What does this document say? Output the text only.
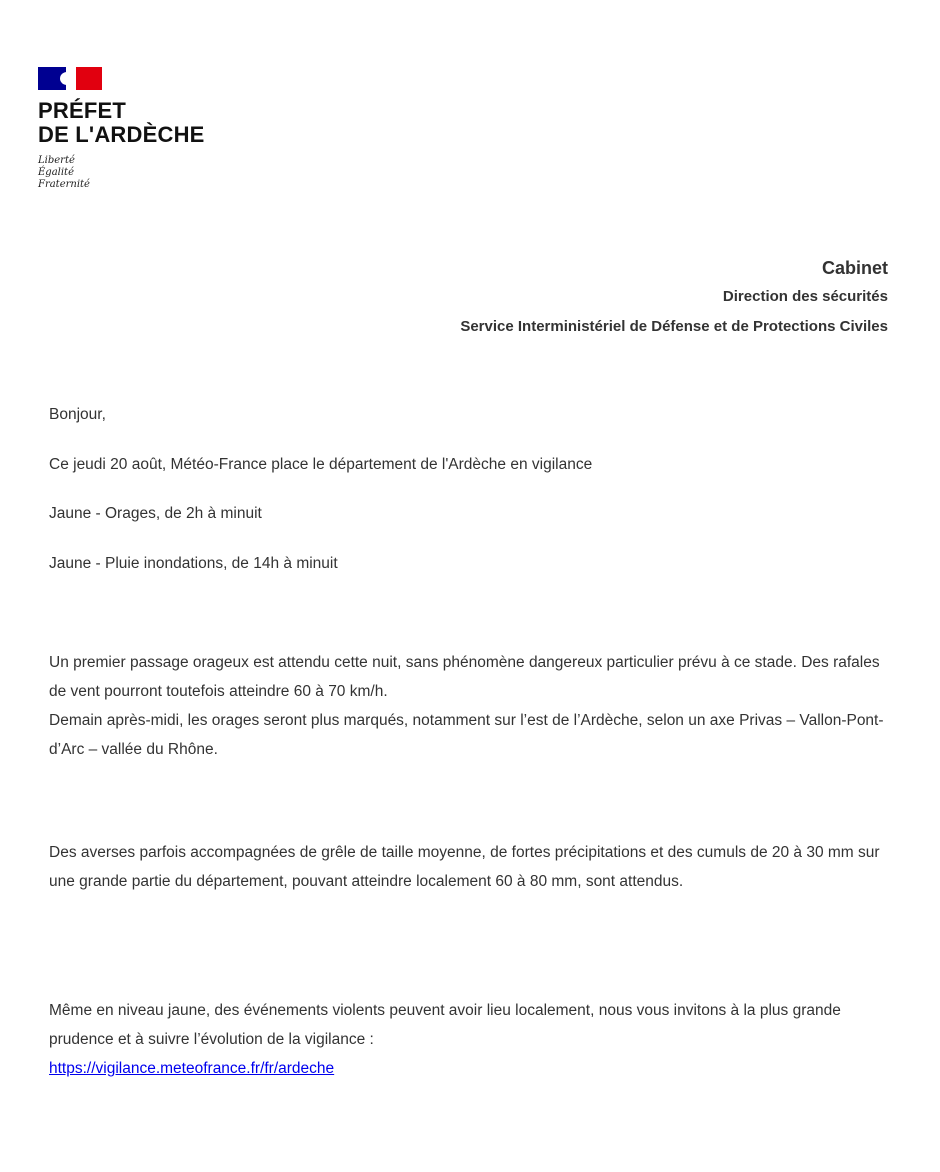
PRÉFET
DE L'ARDÈCHE
Liberté
Égalité
Fraternité
Cabinet
Direction des sécurités
Service Interministériel de Défense et de Protections Civiles
Bonjour,
Ce jeudi 20 août, Météo-France place le département de l'Ardèche en vigilance
Jaune - Orages, de 2h à minuit
Jaune - Pluie inondations, de 14h à minuit

Un premier passage orageux est attendu cette nuit, sans phénomène dangereux particulier prévu à ce stade. Des rafales de vent pourront toutefois atteindre 60 à 70 km/h.

Demain après-midi, les orages seront plus marqués, notamment sur l’est de l’Ardèche, selon un axe Privas – Vallon-Pont-d’Arc – vallée du Rhône.

Des averses parfois accompagnées de grêle de taille moyenne, de fortes précipitations et des cumuls de 20 à 30 mm sur une grande partie du département, pouvant atteindre localement 60 à 80 mm, sont attendus.

Même en niveau jaune, des événements violents peuvent avoir lieu localement, nous vous invitons à la plus grande prudence et à suivre l’évolution de la vigilance :

https://vigilance.meteofrance.fr/fr/ardeche
